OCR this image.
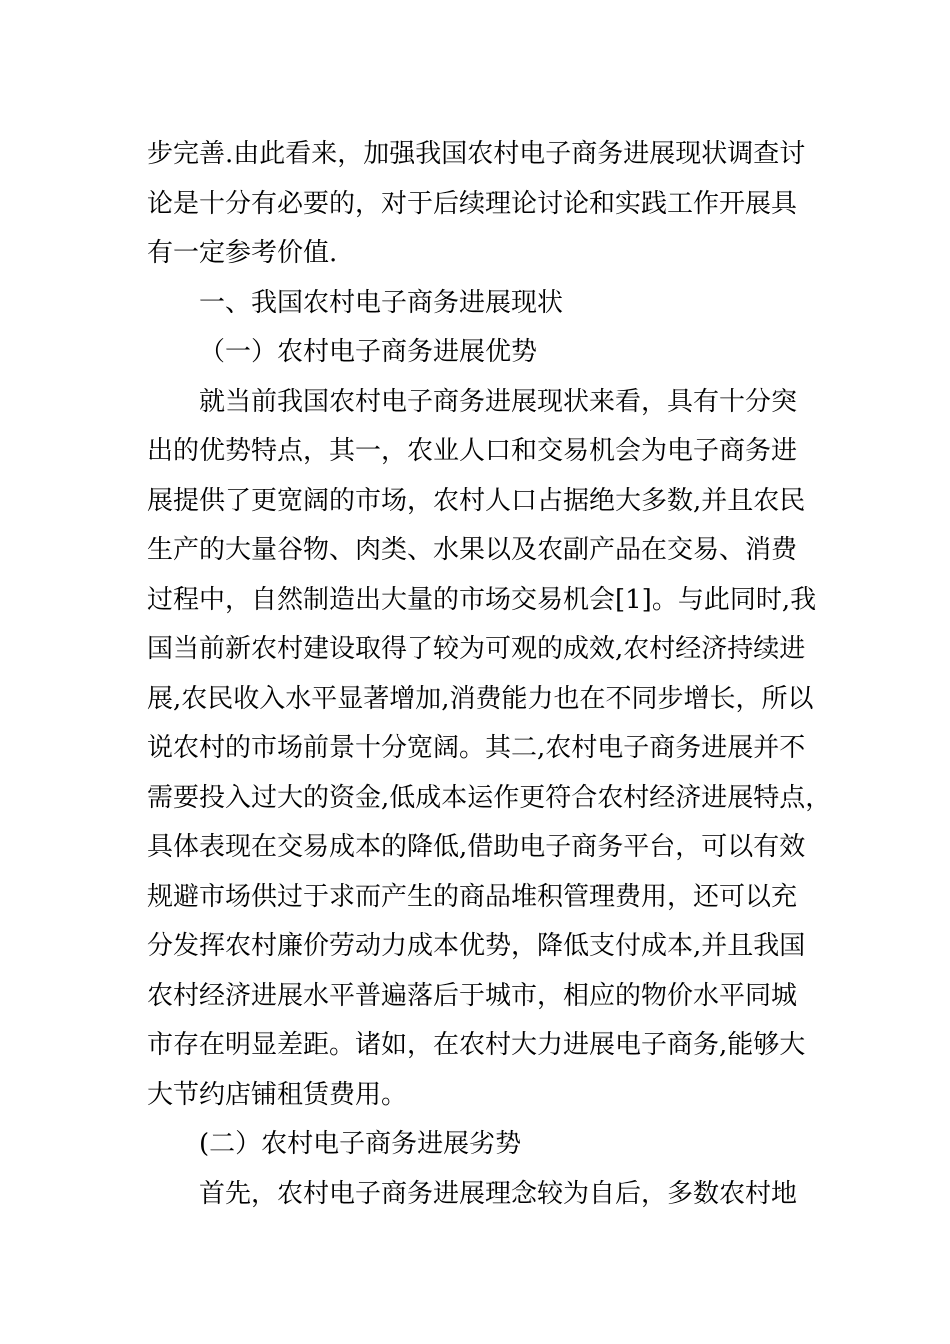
步完善.由此看来，加强我国农村电子商务进展现状调查讨
论是十分有必要的，对于后续理论讨论和实践工作开展具
有一定参考价值.
一、我国农村电子商务进展现状
（一）农村电子商务进展优势
就当前我国农村电子商务进展现状来看，具有十分突
出的优势特点，其一，农业人口和交易机会为电子商务进
展提供了更宽阔的市场，农村人口占据绝大多数,并且农民
生产的大量谷物、肉类、水果以及农副产品在交易、消费
过程中，自然制造出大量的市场交易机会[1]。与此同时,我
国当前新农村建设取得了较为可观的成效,农村经济持续进
展,农民收入水平显著增加,消费能力也在不同步增长，所以
说农村的市场前景十分宽阔。其二,农村电子商务进展并不
需要投入过大的资金,低成本运作更符合农村经济进展特点，
具体表现在交易成本的降低,借助电子商务平台，可以有效
规避市场供过于求而产生的商品堆积管理费用，还可以充
分发挥农村廉价劳动力成本优势，降低支付成本,并且我国
农村经济进展水平普遍落后于城市，相应的物价水平同城
市存在明显差距。诸如，在农村大力进展电子商务,能够大
大节约店铺租赁费用。
(二）农村电子商务进展劣势
首先，农村电子商务进展理念较为自后，多数农村地
